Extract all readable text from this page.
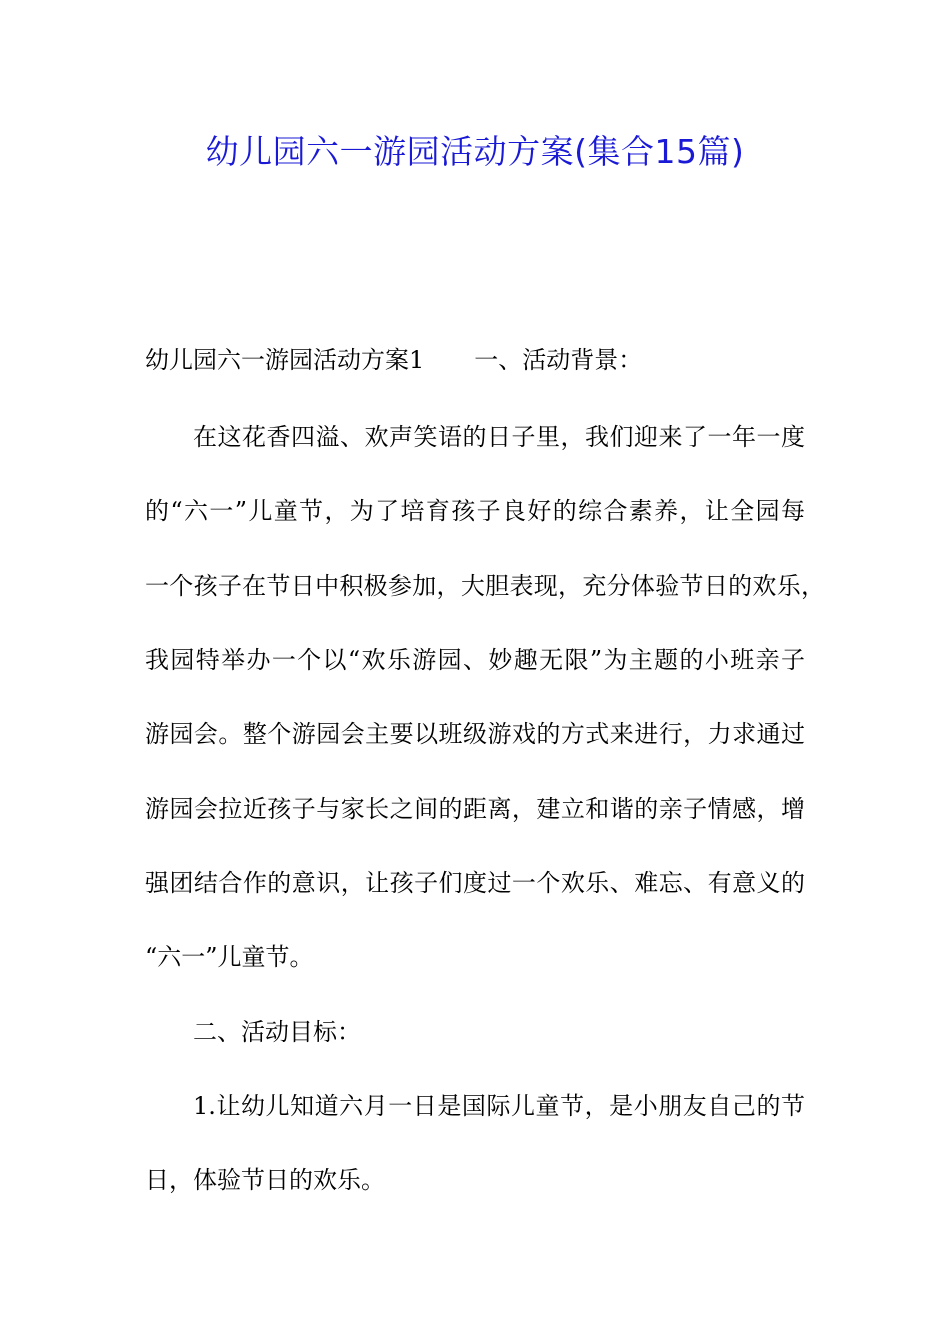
幼儿园六一游园活动方案(集合15篇)
幼儿园六一游园活动方案1 一、活动背景：
在这花香四溢、欢声笑语的日子里，我们迎来了一年一度
的“六一”儿童节，为了培育孩子良好的综合素养，让全园每
一个孩子在节日中积极参加，大胆表现，充分体验节日的欢乐，
我园特举办一个以“欢乐游园、妙趣无限”为主题的小班亲子
游园会。整个游园会主要以班级游戏的方式来进行，力求通过
游园会拉近孩子与家长之间的距离，建立和谐的亲子情感，增
强团结合作的意识，让孩子们度过一个欢乐、难忘、有意义的
“六一”儿童节。
二、活动目标：
1.让幼儿知道六月一日是国际儿童节，是小朋友自己的节
日，体验节日的欢乐。
